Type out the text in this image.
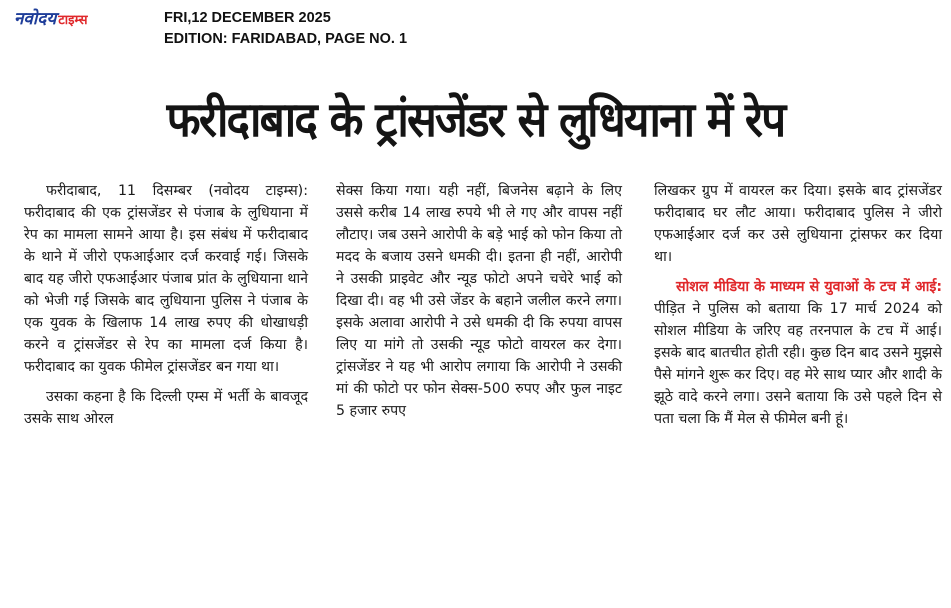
नवोदय टाइम्स	FRI,12 DECEMBER 2025
EDITION: FARIDABAD, PAGE NO. 1
फरीदाबाद के ट्रांसजेंडर से लुधियाना में रेप

फरीदाबाद, 11 दिसम्बर (नवोदय टाइम्स): फरीदाबाद की एक ट्रांसजेंडर से पंजाब के लुधियाना में रेप का मामला सामने आया है। इस संबंध में फरीदाबाद के थाने में जीरो एफआईआर दर्ज करवाई गई। जिसके बाद यह जीरो एफआईआर पंजाब प्रांत के लुधियाना थाने को भेजी गई जिसके बाद लुधियाना पुलिस ने पंजाब के एक युवक के खिलाफ 14 लाख रुपए की धोखाधड़ी करने व ट्रांसजेंडर से रेप का मामला दर्ज किया है। फरीदाबाद का युवक फीमेल ट्रांसजेंडर बन गया था।

उसका कहना है कि दिल्ली एम्स में भर्ती के बावजूद उसके साथ ओरल

सेक्स किया गया। यही नहीं, बिजनेस बढ़ाने के लिए उससे करीब 14 लाख रुपये भी ले गए और वापस नहीं लौटाए। जब उसने आरोपी के बड़े भाई को फोन किया तो मदद के बजाय उसने धमकी दी। इतना ही नहीं, आरोपी ने उसकी प्राइवेट और न्यूड फोटो अपने चचेरे भाई को दिखा दी। वह भी उसे जेंडर के बहाने जलील करने लगा। इसके अलावा आरोपी ने उसे धमकी दी कि रुपया वापस लिए या मांगे तो उसकी न्यूड फोटो वायरल कर देगा। ट्रांसजेंडर ने यह भी आरोप लगाया कि आरोपी ने उसकी मां की फोटो पर फोन सेक्स-500 रुपए और फुल नाइट 5 हजार रुपए

लिखकर ग्रुप में वायरल कर दिया। इसके बाद ट्रांसजेंडर फरीदाबाद घर लौट आया। फरीदाबाद पुलिस ने जीरो एफआईआर दर्ज कर उसे लुधियाना ट्रांसफर कर दिया था।

सोशल मीडिया के माध्यम से युवाओं के टच में आई: पीड़ित ने पुलिस को बताया कि 17 मार्च 2024 को सोशल मीडिया के जरिए वह तरनपाल के टच में आई। इसके बाद बातचीत होती रही। कुछ दिन बाद उसने मुझसे पैसे मांगने शुरू कर दिए। वह मेरे साथ प्यार और शादी के झूठे वादे करने लगा। उसने बताया कि उसे पहले दिन से पता चला कि मैं मेल से फीमेल बनी हूं।
